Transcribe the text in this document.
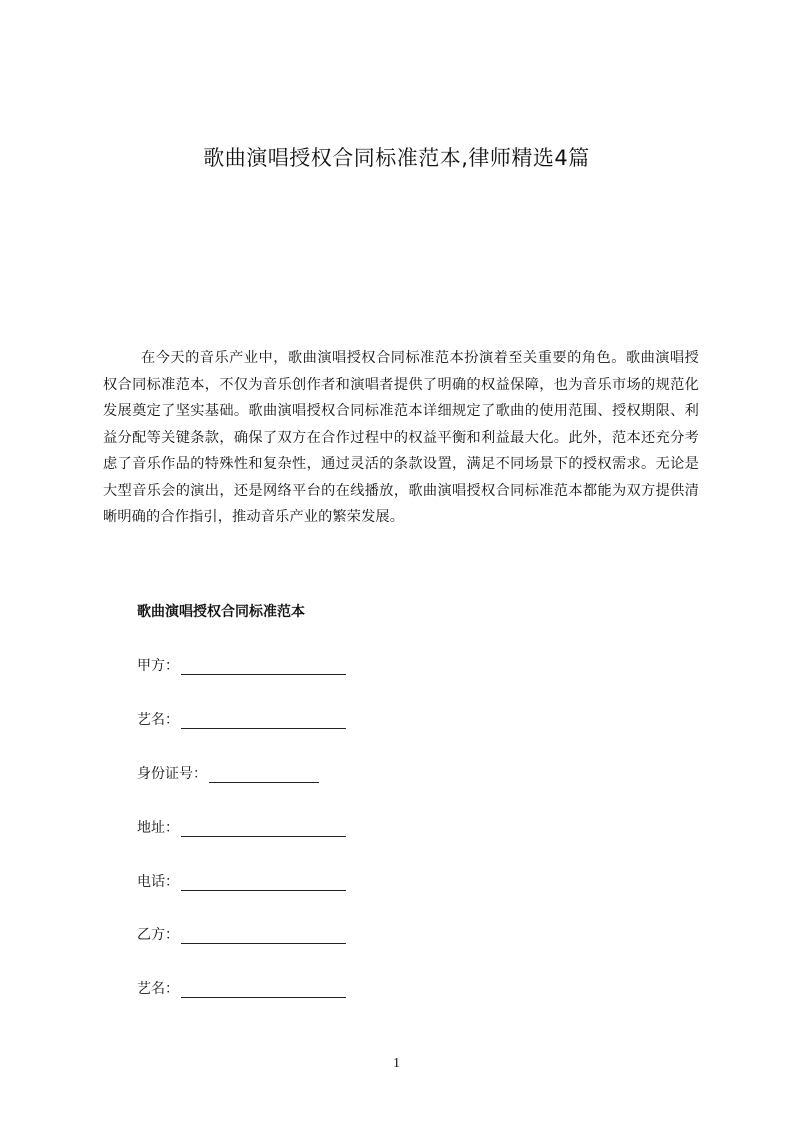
歌曲演唱授权合同标准范本,律师精选4篇

在今天的音乐产业中，歌曲演唱授权合同标准范本扮演着至关重要的角色。歌曲演唱授权合同标准范本，不仅为音乐创作者和演唱者提供了明确的权益保障，也为音乐市场的规范化发展奠定了坚实基础。歌曲演唱授权合同标准范本详细规定了歌曲的使用范围、授权期限、利益分配等关键条款，确保了双方在合作过程中的权益平衡和利益最大化。此外，范本还充分考虑了音乐作品的特殊性和复杂性，通过灵活的条款设置，满足不同场景下的授权需求。无论是大型音乐会的演出，还是网络平台的在线播放，歌曲演唱授权合同标准范本都能为双方提供清晰明确的合作指引，推动音乐产业的繁荣发展。

歌曲演唱授权合同标准范本
甲方：
艺名：
身份证号：
地址：
电话：
乙方：
艺名：
1
